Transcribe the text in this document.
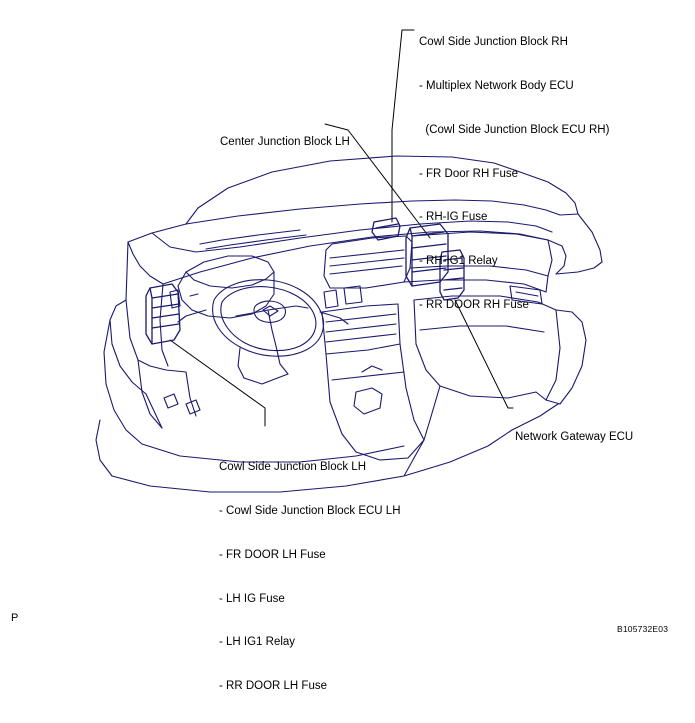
Cowl Side Junction Block RH

- Multiplex Network Body ECU

(Cowl Side Junction Block ECU RH)

- FR Door RH Fuse

- RH-IG Fuse

- RH-IG1 Relay

- RR DOOR RH Fuse

Center Junction Block LH

Network Gateway ECU

Cowl Side Junction Block LH

- Cowl Side Junction Block ECU LH

- FR DOOR LH Fuse

- LH IG Fuse

- LH IG1 Relay

- RR DOOR LH Fuse

P
B105732E03
